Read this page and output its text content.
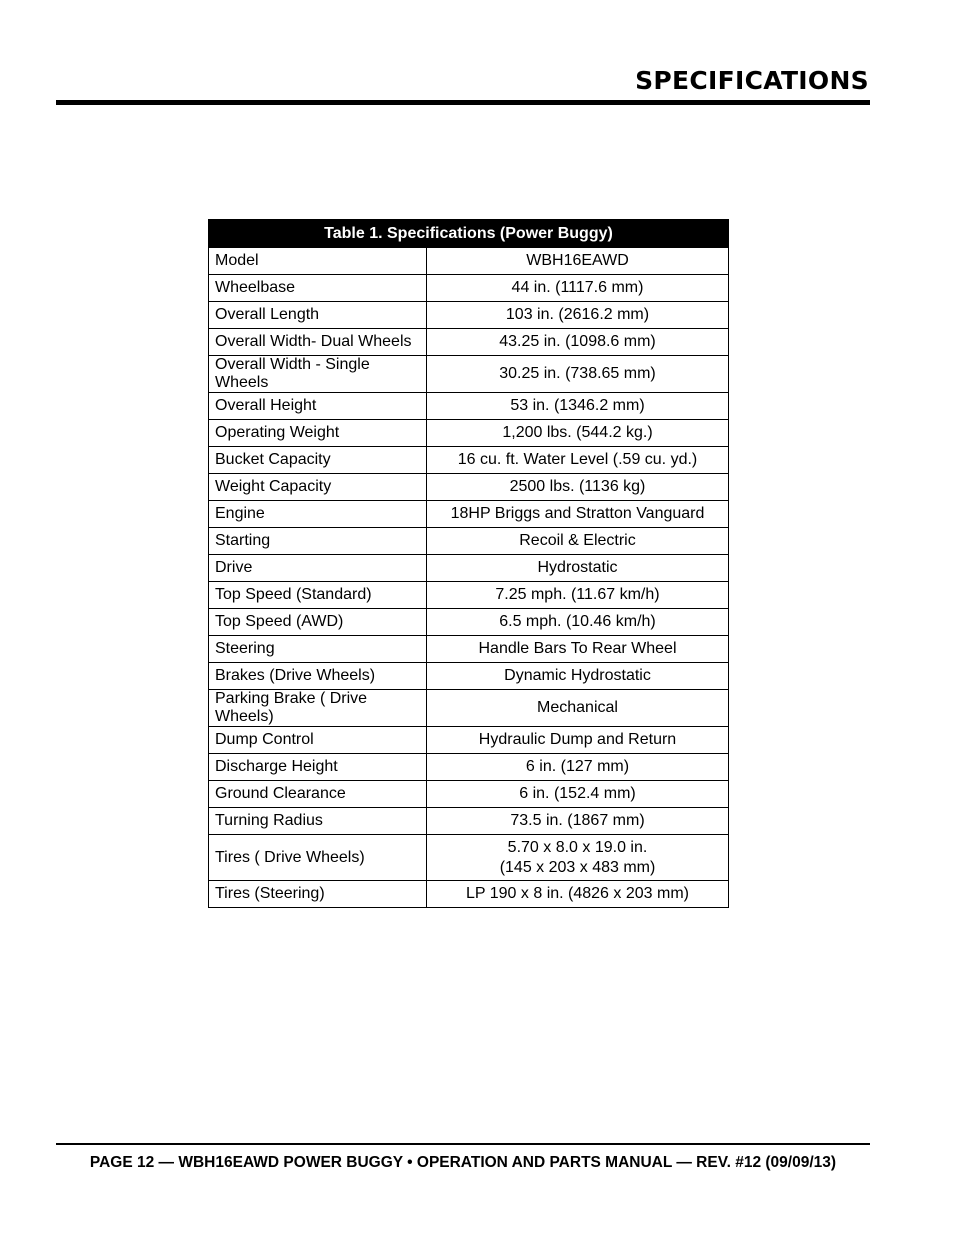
SPECIFICATIONS
Table 1. Specifications (Power Buggy)	
Model	WBH16EAWD
Wheelbase	44 in. (1117.6 mm)
Overall Length	103 in. (2616.2 mm)
Overall Width- Dual Wheels	43.25 in. (1098.6 mm)
Overall Width - Single Wheels	30.25 in. (738.65 mm)
Overall Height	53 in. (1346.2 mm)
Operating Weight	1,200 lbs. (544.2 kg.)
Bucket Capacity	16 cu. ft. Water Level (.59 cu. yd.)
Weight Capacity	2500 lbs. (1136 kg)
Engine	18HP Briggs and Stratton Vanguard
Starting	Recoil & Electric
Drive	Hydrostatic
Top Speed (Standard)	7.25 mph. (11.67 km/h)
Top Speed (AWD)	6.5 mph. (10.46 km/h)
Steering	Handle Bars To Rear Wheel
Brakes (Drive Wheels)	Dynamic Hydrostatic
Parking Brake ( Drive Wheels)	Mechanical
Dump Control	Hydraulic Dump and Return
Discharge Height	6 in. (127 mm)
Ground Clearance	6 in. (152.4 mm)
Turning Radius	73.5 in. (1867 mm)
Tires ( Drive Wheels)	5.70 x 8.0 x 19.0 in.
(145 x 203 x 483 mm)

Tires (Steering)	LP 190 x 8 in. (4826 x 203 mm)
PAGE 12 — WBH16EAWD POWER BUGGY • OPERATION AND PARTS MANUAL — REV. #12 (09/09/13)
